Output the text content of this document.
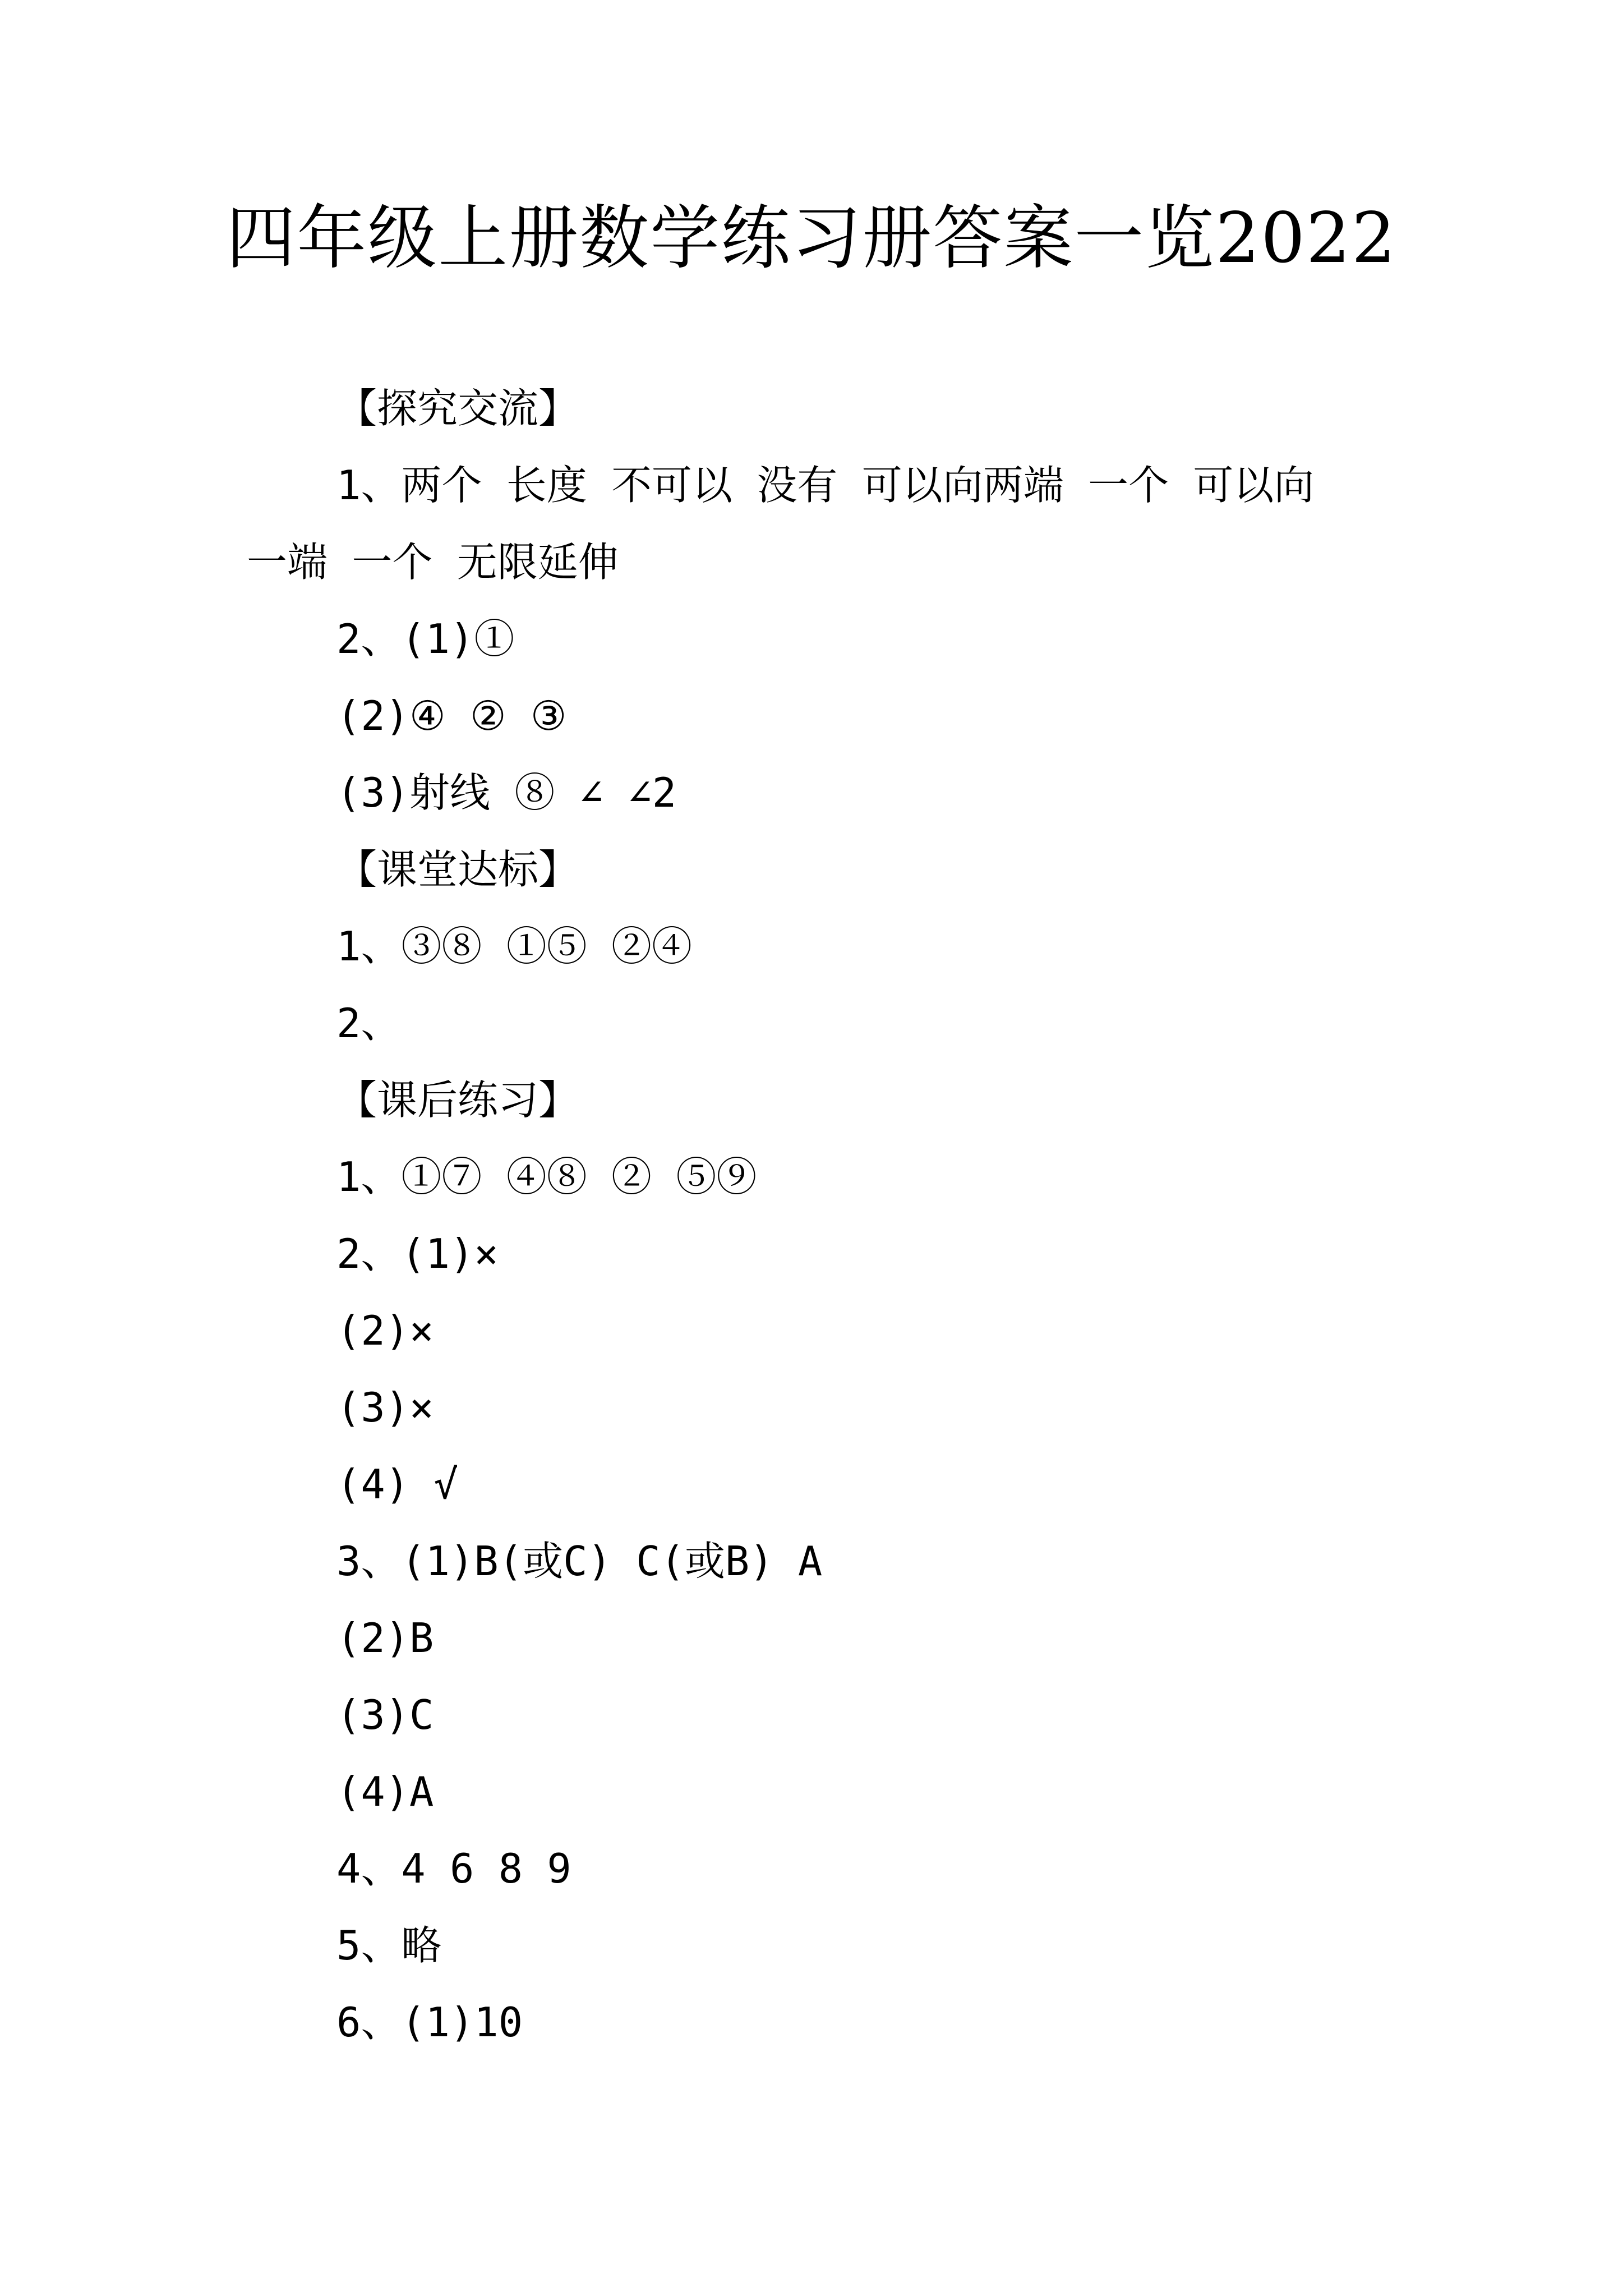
四年级上册数学练习册答案一览2022
【探究交流】
1、两个 长度 不可以 没有 可以向两端 一个 可以向
一端 一个 无限延伸
2、(1)①
(2)④ ② ③
(3)射线 ⑧ ∠ ∠2
【课堂达标】
1、③⑧ ①⑤ ②④
2、
【课后练习】
1、①⑦ ④⑧ ② ⑤⑨
2、(1)×
(2)×
(3)×
(4) √
3、(1)B(或C) C(或B) A
(2)B
(3)C
(4)A
4、4 6 8 9
5、略
6、(1)10
